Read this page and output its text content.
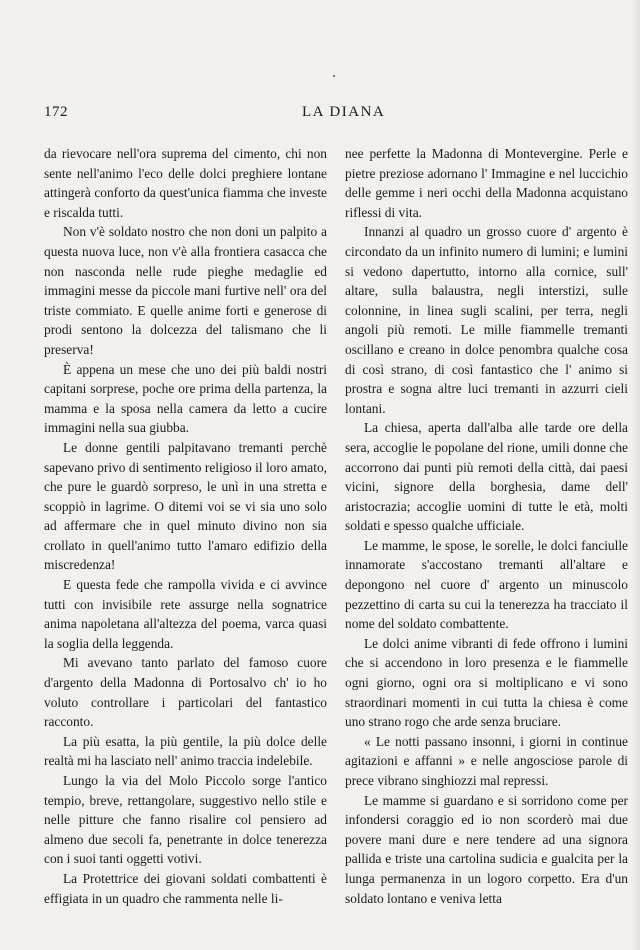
172	LA DIANA

da rievocare nell'ora suprema del cimento, chi non sente nell'animo l'eco delle dolci preghiere lontane attingerà conforto da quest'unica fiamma che investe e riscalda tutti.

Non v'è soldato nostro che non doni un palpito a questa nuova luce, non v'è alla frontiera casacca che non nasconda nelle rude pieghe medaglie ed immagini messe da piccole mani furtive nell' ora del triste commiato. E quelle anime forti e generose di prodi sentono la dolcezza del talismano che li preserva!

È appena un mese che uno dei più baldi nostri capitani sorprese, poche ore prima della partenza, la mamma e la sposa nella camera da letto a cucire immagini nella sua giubba.

Le donne gentili palpitavano tremanti perchè sapevano privo di sentimento religioso il loro amato, che pure le guardò sorpreso, le unì in una stretta e scoppiò in lagrime. O ditemi voi se vi sia uno solo ad affermare che in quel minuto divino non sia crollato in quell'animo tutto l'amaro edifizio della miscredenza!

E questa fede che rampolla vivida e ci avvince tutti con invisibile rete assurge nella sognatrice anima napoletana all'altezza del poema, varca quasi la soglia della leggenda.

Mi avevano tanto parlato del famoso cuore d'argento della Madonna di Portosalvo ch' io ho voluto controllare i particolari del fantastico racconto.

La più esatta, la più gentile, la più dolce delle realtà mi ha lasciato nell' animo traccia indelebile.

Lungo la via del Molo Piccolo sorge l'antico tempio, breve, rettangolare, suggestivo nello stile e nelle pitture che fanno risalire col pensiero ad almeno due secoli fa, penetrante in dolce tenerezza con i suoi tanti oggetti votivi.

La Protettrice dei giovani soldati combattenti è effigiata in un quadro che rammenta nelle li-

nee perfette la Madonna di Montevergine. Perle e pietre preziose adornano l' Immagine e nel luccichio delle gemme i neri occhi della Madonna acquistano riflessi di vita.

Innanzi al quadro un grosso cuore d' argento è circondato da un infinito numero di lumini; e lumini si vedono dapertutto, intorno alla cornice, sull' altare, sulla balaustra, negli interstizi, sulle colonnine, in linea sugli scalini, per terra, negli angoli più remoti. Le mille fiammelle tremanti oscillano e creano in dolce penombra qualche cosa di così strano, di così fantastico che l' animo si prostra e sogna altre luci tremanti in azzurri cieli lontani.

La chiesa, aperta dall'alba alle tarde ore della sera, accoglie le popolane del rione, umili donne che accorrono dai punti più remoti della città, dai paesi vicini, signore della borghesia, dame dell' aristocrazia; accoglie uomini di tutte le età, molti soldati e spesso qualche ufficiale.

Le mamme, le spose, le sorelle, le dolci fanciulle innamorate s'accostano tremanti all'altare e depongono nel cuore d' argento un minuscolo pezzettino di carta su cui la tenerezza ha tracciato il nome del soldato combattente.

Le dolci anime vibranti di fede offrono i lumini che si accendono in loro presenza e le fiammelle ogni giorno, ogni ora si moltiplicano e vi sono straordinari momenti in cui tutta la chiesa è come uno strano rogo che arde senza bruciare.

« Le notti passano insonni, i giorni in continue agitazioni e affanni » e nelle angosciose parole di prece vibrano singhiozzi mal repressi.

Le mamme si guardano e si sorridono come per infondersi coraggio ed io non scorderò mai due povere mani dure e nere tendere ad una signora pallida e triste una cartolina sudicia e gualcita per la lunga permanenza in un logoro corpetto. Era d'un soldato lontano e veniva letta
